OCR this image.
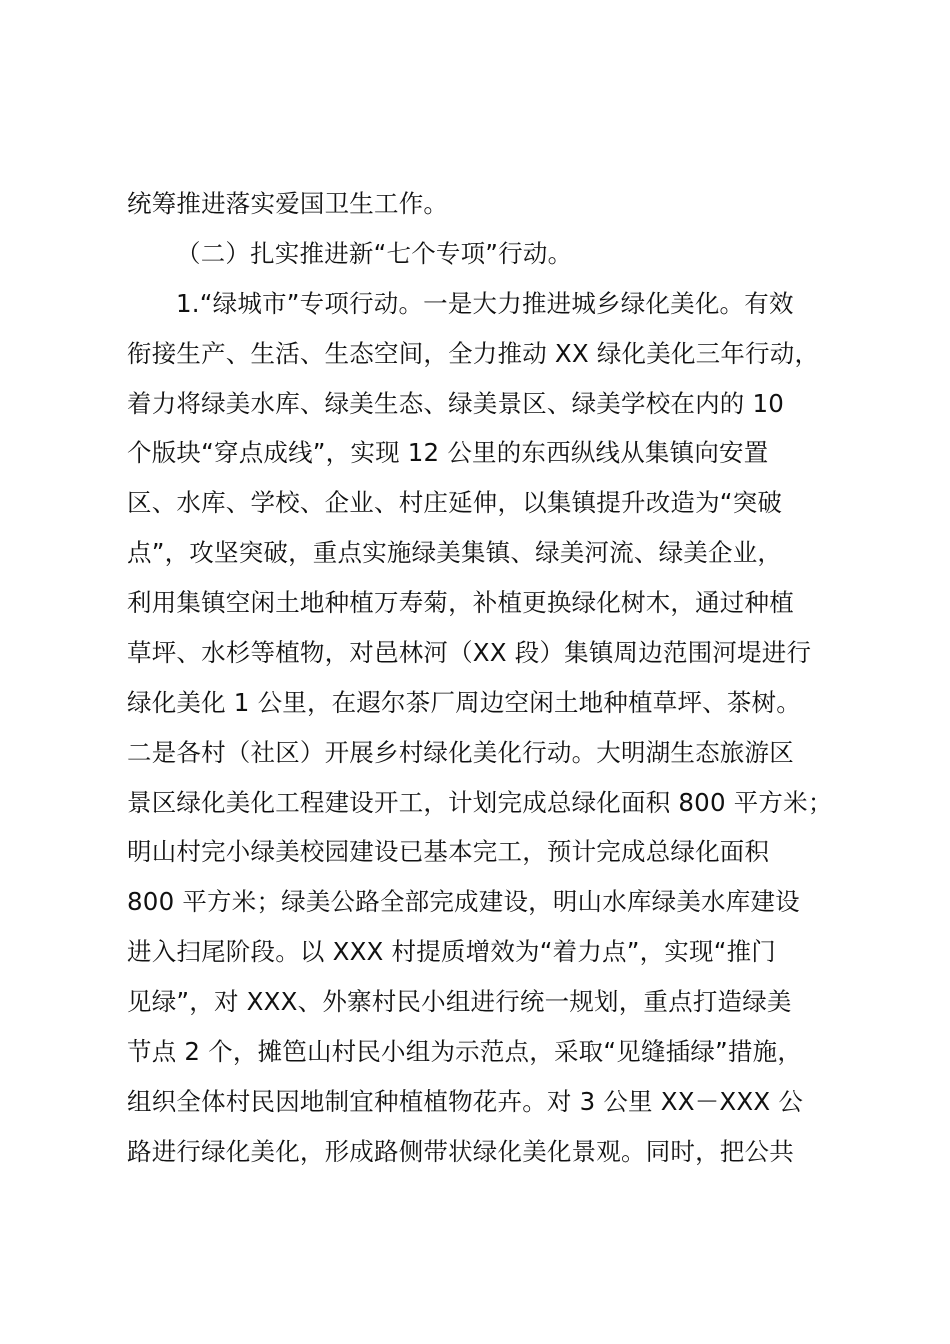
统筹推进落实爱国卫生工作。
（二）扎实推进新“七个专项”行动。
1.“绿城市”专项行动。一是大力推进城乡绿化美化。有效
衔接生产、生活、生态空间，全力推动 XX 绿化美化三年行动，
着力将绿美水库、绿美生态、绿美景区、绿美学校在内的 10
个版块“穿点成线”，实现 12 公里的东西纵线从集镇向安置
区、水库、学校、企业、村庄延伸，以集镇提升改造为“突破
点”，攻坚突破，重点实施绿美集镇、绿美河流、绿美企业，
利用集镇空闲土地种植万寿菊，补植更换绿化树木，通过种植
草坪、水杉等植物，对邑林河（XX 段）集镇周边范围河堤进行
绿化美化 1 公里，在遐尔茶厂周边空闲土地种植草坪、茶树。
二是各村（社区）开展乡村绿化美化行动。大明湖生态旅游区
景区绿化美化工程建设开工，计划完成总绿化面积 800 平方米；
明山村完小绿美校园建设已基本完工，预计完成总绿化面积
800 平方米；绿美公路全部完成建设，明山水库绿美水库建设
进入扫尾阶段。以 XXX 村提质增效为“着力点”，实现“推门
见绿”，对 XXX、外寨村民小组进行统一规划，重点打造绿美
节点 2 个，摊笆山村民小组为示范点，采取“见缝插绿”措施，
组织全体村民因地制宜种植植物花卉。对 3 公里 XX－XXX 公
路进行绿化美化，形成路侧带状绿化美化景观。同时，把公共
